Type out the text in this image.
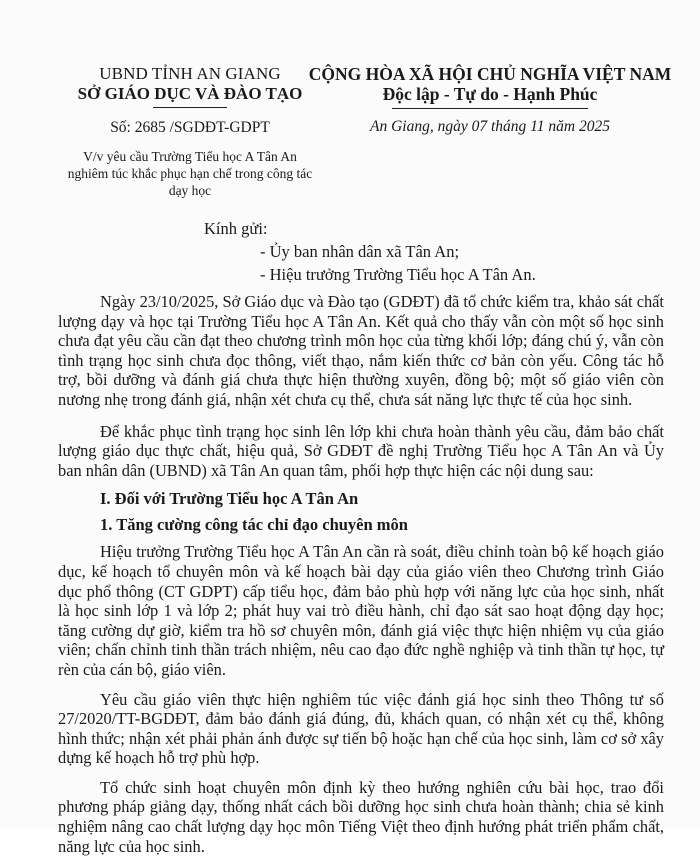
UBND TỈNH AN GIANG
SỞ GIÁO DỤC VÀ ĐÀO TẠO
Số: 2685 /SGDĐT-GDPT
V/v yêu cầu Trường Tiểu học A Tân An nghiêm túc khắc phục hạn chế trong công tác dạy học
CỘNG HÒA XÃ HỘI CHỦ NGHĨA VIỆT NAM
Độc lập - Tự do - Hạnh Phúc
An Giang, ngày 07 tháng 11 năm 2025
Kính gửi:
- Ủy ban nhân dân xã Tân An;
- Hiệu trưởng Trường Tiểu học A Tân An.

Ngày 23/10/2025, Sở Giáo dục và Đào tạo (GDĐT) đã tổ chức kiểm tra, khảo sát chất lượng dạy và học tại Trường Tiểu học A Tân An. Kết quả cho thấy vẫn còn một số học sinh chưa đạt yêu cầu cần đạt theo chương trình môn học của từng khối lớp; đáng chú ý, vẫn còn tình trạng học sinh chưa đọc thông, viết thạo, nắm kiến thức cơ bản còn yếu. Công tác hỗ trợ, bồi dưỡng và đánh giá chưa thực hiện thường xuyên, đồng bộ; một số giáo viên còn nương nhẹ trong đánh giá, nhận xét chưa cụ thể, chưa sát năng lực thực tế của học sinh.

Để khắc phục tình trạng học sinh lên lớp khi chưa hoàn thành yêu cầu, đảm bảo chất lượng giáo dục thực chất, hiệu quả, Sở GDĐT đề nghị Trường Tiểu học A Tân An và Ủy ban nhân dân (UBND) xã Tân An quan tâm, phối hợp thực hiện các nội dung sau:

I. Đối với Trường Tiểu học A Tân An
1. Tăng cường công tác chỉ đạo chuyên môn

Hiệu trưởng Trường Tiểu học A Tân An cần rà soát, điều chỉnh toàn bộ kế hoạch giáo dục, kế hoạch tổ chuyên môn và kế hoạch bài dạy của giáo viên theo Chương trình Giáo dục phổ thông (CT GDPT) cấp tiểu học, đảm bảo phù hợp với năng lực của học sinh, nhất là học sinh lớp 1 và lớp 2; phát huy vai trò điều hành, chỉ đạo sát sao hoạt động dạy học; tăng cường dự giờ, kiểm tra hồ sơ chuyên môn, đánh giá việc thực hiện nhiệm vụ của giáo viên; chấn chỉnh tinh thần trách nhiệm, nêu cao đạo đức nghề nghiệp và tinh thần tự học, tự rèn của cán bộ, giáo viên.

Yêu cầu giáo viên thực hiện nghiêm túc việc đánh giá học sinh theo Thông tư số 27/2020/TT-BGDĐT, đảm bảo đánh giá đúng, đủ, khách quan, có nhận xét cụ thể, không hình thức; nhận xét phải phản ánh được sự tiến bộ hoặc hạn chế của học sinh, làm cơ sở xây dựng kế hoạch hỗ trợ phù hợp.

Tổ chức sinh hoạt chuyên môn định kỳ theo hướng nghiên cứu bài học, trao đổi phương pháp giảng dạy, thống nhất cách bồi dưỡng học sinh chưa hoàn thành; chia sẻ kinh nghiệm nâng cao chất lượng dạy học môn Tiếng Việt theo định hướng phát triển phẩm chất, năng lực của học sinh.
